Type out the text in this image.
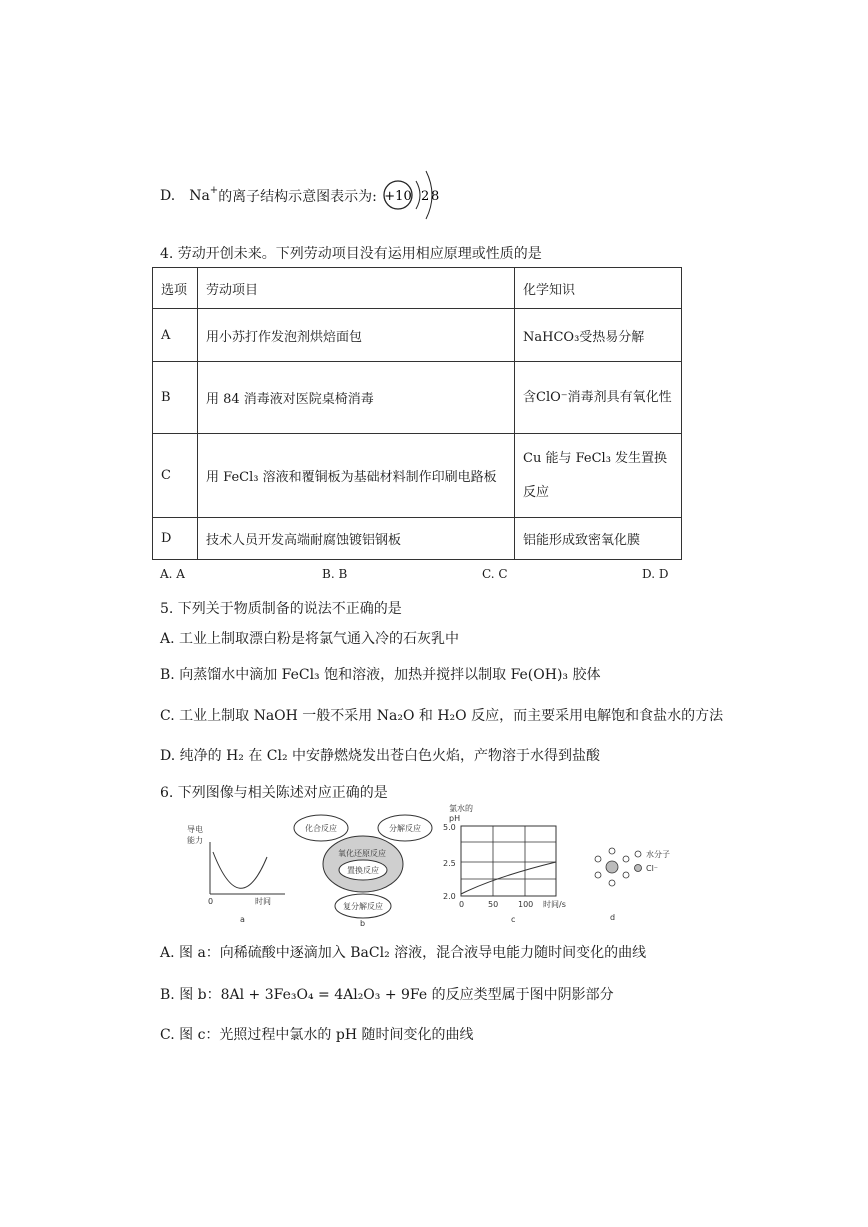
D. Na+ 的离子结构示意图表示为: +10 2 8
4. 劳动开创未来。下列劳动项目没有运用相应原理或性质的是
选项	劳动项目	化学知识
A	用小苏打作发泡剂烘焙面包	NaHCO₃受热易分解
B	用 84 消毒液对医院桌椅消毒	含ClO⁻消毒剂具有氧化性
C	用 FeCl₃ 溶液和覆铜板为基础材料制作印刷电路板	Cu 能与 FeCl₃ 发生置换反应
D	技术人员开发高端耐腐蚀镀铝钢板	铝能形成致密氧化膜
A. A	B. B	C. C	D. D
5. 下列关于物质制备的说法不正确的是
A. 工业上制取漂白粉是将氯气通入冷的石灰乳中
B. 向蒸馏水中滴加 FeCl₃ 饱和溶液，加热并搅拌以制取 Fe(OH)₃ 胶体
C. 工业上制取 NaOH 一般不采用 Na₂O 和 H₂O 反应，而主要采用电解饱和食盐水的方法
D. 纯净的 H₂ 在 Cl₂ 中安静燃烧发出苍白色火焰，产物溶于水得到盐酸
6. 下列图像与相关陈述对应正确的是
导电
能力
0	时间
a
化合反应	分解反应
氧化还原反应
置换反应
复分解反应
b
氯水的
pH
5.0
2.5
2.0
0	50 100 时间/s
c
水分子
Cl⁻
d
A. 图 a：向稀硫酸中逐滴加入 BaCl₂ 溶液，混合液导电能力随时间变化的曲线
B. 图 b：8Al + 3Fe₃O₄ = 4Al₂O₃ + 9Fe 的反应类型属于图中阴影部分
C. 图 c：光照过程中氯水的 pH 随时间变化的曲线
